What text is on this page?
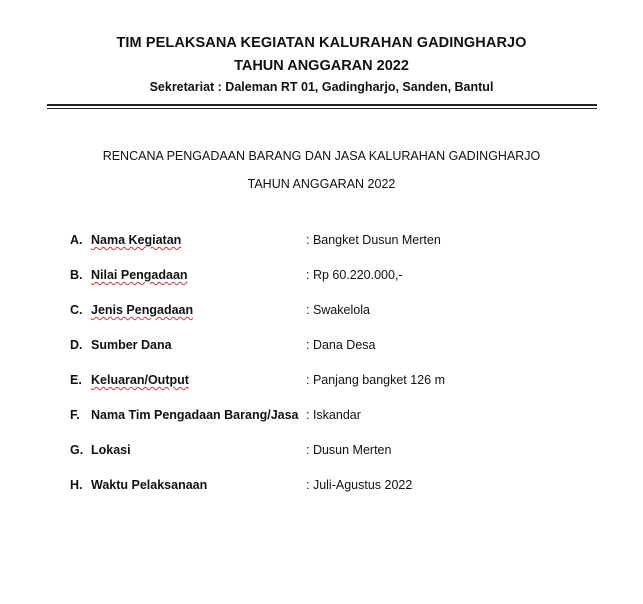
TIM PELAKSANA KEGIATAN KALURAHAN GADINGHARJO
TAHUN ANGGARAN 2022
Sekretariat : Daleman RT 01, Gadingharjo, Sanden, Bantul
RENCANA PENGADAAN BARANG DAN JASA KALURAHAN GADINGHARJO
TAHUN ANGGARAN 2022
A. Nama Kegiatan	: Bangket Dusun Merten
B. Nilai Pengadaan	: Rp 60.220.000,-
C. Jenis Pengadaan	: Swakelola
D. Sumber Dana	: Dana Desa
E. Keluaran/Output	: Panjang bangket 126 m
F. Nama Tim Pengadaan Barang/Jasa : Iskandar
G. Lokasi	: Dusun Merten
H. Waktu Pelaksanaan	: Juli-Agustus 2022
